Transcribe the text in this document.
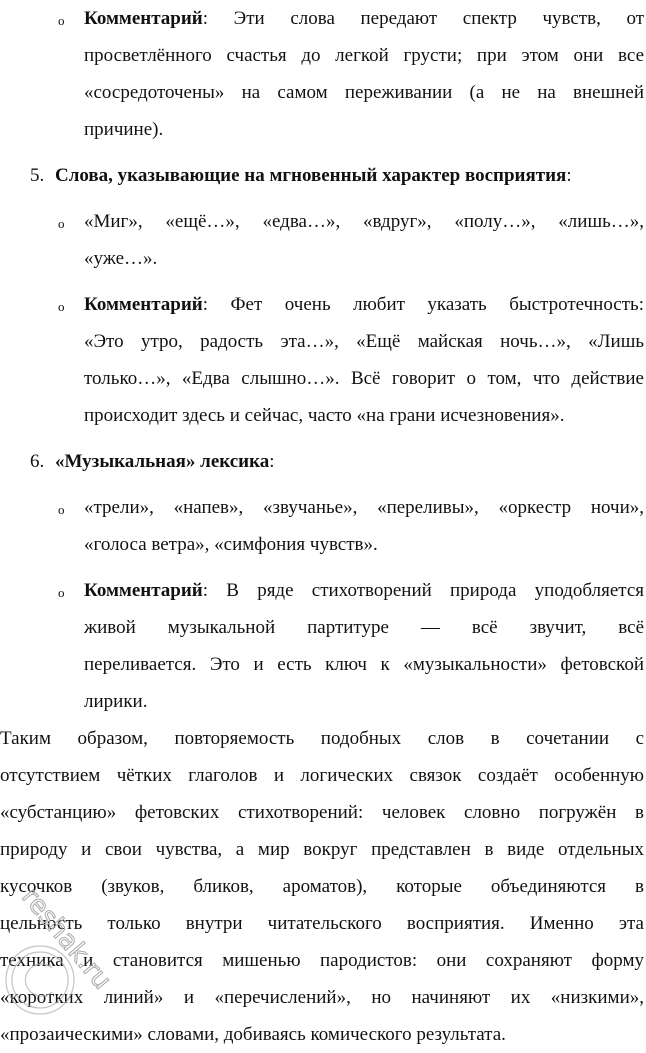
o Комментарий: Эти слова передают спектр чувств, от
просветлённого счастья до легкой грусти; при этом они все
«сосредоточены» на самом переживании (а не на внешней
причине).
5. Слова, указывающие на мгновенный характер восприятия:
o «Миг», «ещё…», «едва…», «вдруг», «полу…», «лишь…»,
«уже…».
o Комментарий: Фет очень любит указать быстротечность:
«Это утро, радость эта…», «Ещё майская ночь…», «Лишь
только…», «Едва слышно…». Всё говорит о том, что действие
происходит здесь и сейчас, часто «на грани исчезновения».
6. «Музыкальная» лексика:
o «трели», «напев», «звучанье», «переливы», «оркестр ночи»,
«голоса ветра», «симфония чувств».
o Комментарий: В ряде стихотворений природа уподобляется
живой музыкальной партитуре — всё звучит, всё
переливается. Это и есть ключ к «музыкальности» фетовской
лирики.
Таким образом, повторяемость подобных слов в сочетании с
отсутствием чётких глаголов и логических связок создаёт особенную
«субстанцию» фетовских стихотворений: человек словно погружён в
природу и свои чувства, а мир вокруг представлен в виде отдельных
кусочков (звуков, бликов, ароматов), которые объединяются в
цельность только внутри читательского восприятия. Именно эта
техника и становится мишенью пародистов: они сохраняют форму
«коротких линий» и «перечислений», но начиняют их «низкими»,
«прозаическими» словами, добиваясь комического результата.
reshak.ru
